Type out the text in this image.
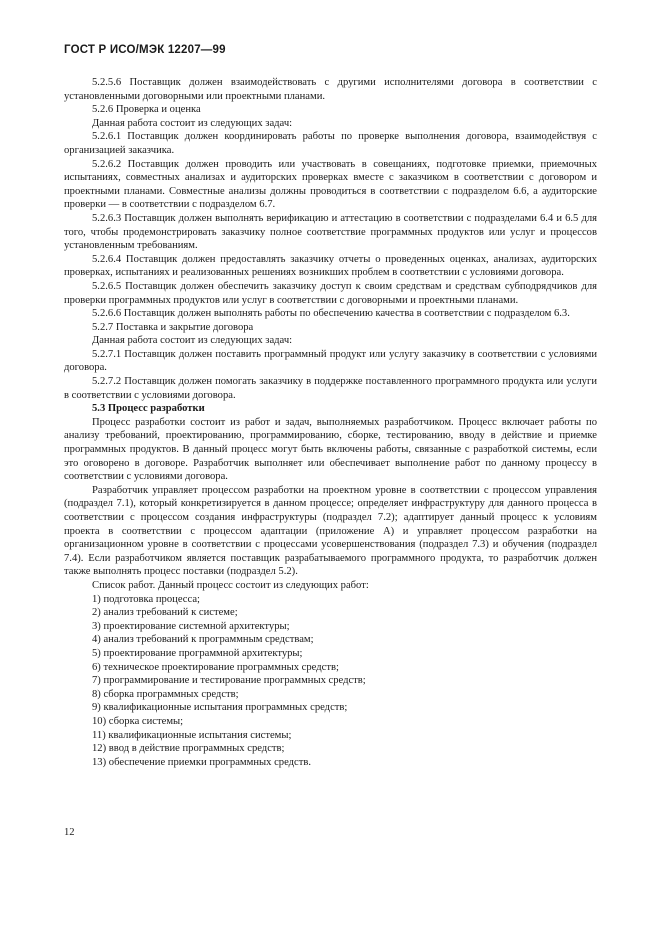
ГОСТ Р ИСО/МЭК 12207—99

5.2.5.6 Поставщик должен взаимодействовать с другими исполнителями договора в соответствии с установленными договорными или проектными планами.

5.2.6 Проверка и оценка

Данная работа состоит из следующих задач:

5.2.6.1 Поставщик должен координировать работы по проверке выполнения договора, взаимодействуя с организацией заказчика.

5.2.6.2 Поставщик должен проводить или участвовать в совещаниях, подготовке приемки, приемочных испытаниях, совместных анализах и аудиторских проверках вместе с заказчиком в соответствии с договором и проектными планами. Совместные анализы должны проводиться в соответствии с подразделом 6.6, а аудиторские проверки — в соответствии с подразделом 6.7.

5.2.6.3 Поставщик должен выполнять верификацию и аттестацию в соответствии с подразделами 6.4 и 6.5 для того, чтобы продемонстрировать заказчику полное соответствие программных продуктов или услуг и процессов установленным требованиям.

5.2.6.4 Поставщик должен предоставлять заказчику отчеты о проведенных оценках, анализах, аудиторских проверках, испытаниях и реализованных решениях возникших проблем в соответствии с условиями договора.

5.2.6.5 Поставщик должен обеспечить заказчику доступ к своим средствам и средствам субподрядчиков для проверки программных продуктов или услуг в соответствии с договорными и проектными планами.

5.2.6.6 Поставщик должен выполнять работы по обеспечению качества в соответствии с подразделом 6.3.

5.2.7 Поставка и закрытие договора

Данная работа состоит из следующих задач:

5.2.7.1 Поставщик должен поставить программный продукт или услугу заказчику в соответствии с условиями договора.

5.2.7.2 Поставщик должен помогать заказчику в поддержке поставленного программного продукта или услуги в соответствии с условиями договора.

5.3 Процесс разработки

Процесс разработки состоит из работ и задач, выполняемых разработчиком. Процесс включает работы по анализу требований, проектированию, программированию, сборке, тестированию, вводу в действие и приемке программных продуктов. В данный процесс могут быть включены работы, связанные с разработкой системы, если это оговорено в договоре. Разработчик выполняет или обеспечивает выполнение работ по данному процессу в соответствии с условиями договора.

Разработчик управляет процессом разработки на проектном уровне в соответствии с процессом управления (подраздел 7.1), который конкретизируется в данном процессе; определяет инфраструктуру для данного процесса в соответствии с процессом создания инфраструктуры (подраздел 7.2); адаптирует данный процесс к условиям проекта в соответствии с процессом адаптации (приложение А) и управляет процессом разработки на организационном уровне в соответствии с процессами усовершенствования (подраздел 7.3) и обучения (подраздел 7.4). Если разработчиком является поставщик разрабатываемого программного продукта, то разработчик должен также выполнять процесс поставки (подраздел 5.2).

Список работ. Данный процесс состоит из следующих работ:

1) подготовка процесса;
2) анализ требований к системе;
3) проектирование системной архитектуры;
4) анализ требований к программным средствам;
5) проектирование программной архитектуры;
6) техническое проектирование программных средств;
7) программирование и тестирование программных средств;
8) сборка программных средств;
9) квалификационные испытания программных средств;
10) сборка системы;
11) квалификационные испытания системы;
12) ввод в действие программных средств;
13) обеспечение приемки программных средств.
12
